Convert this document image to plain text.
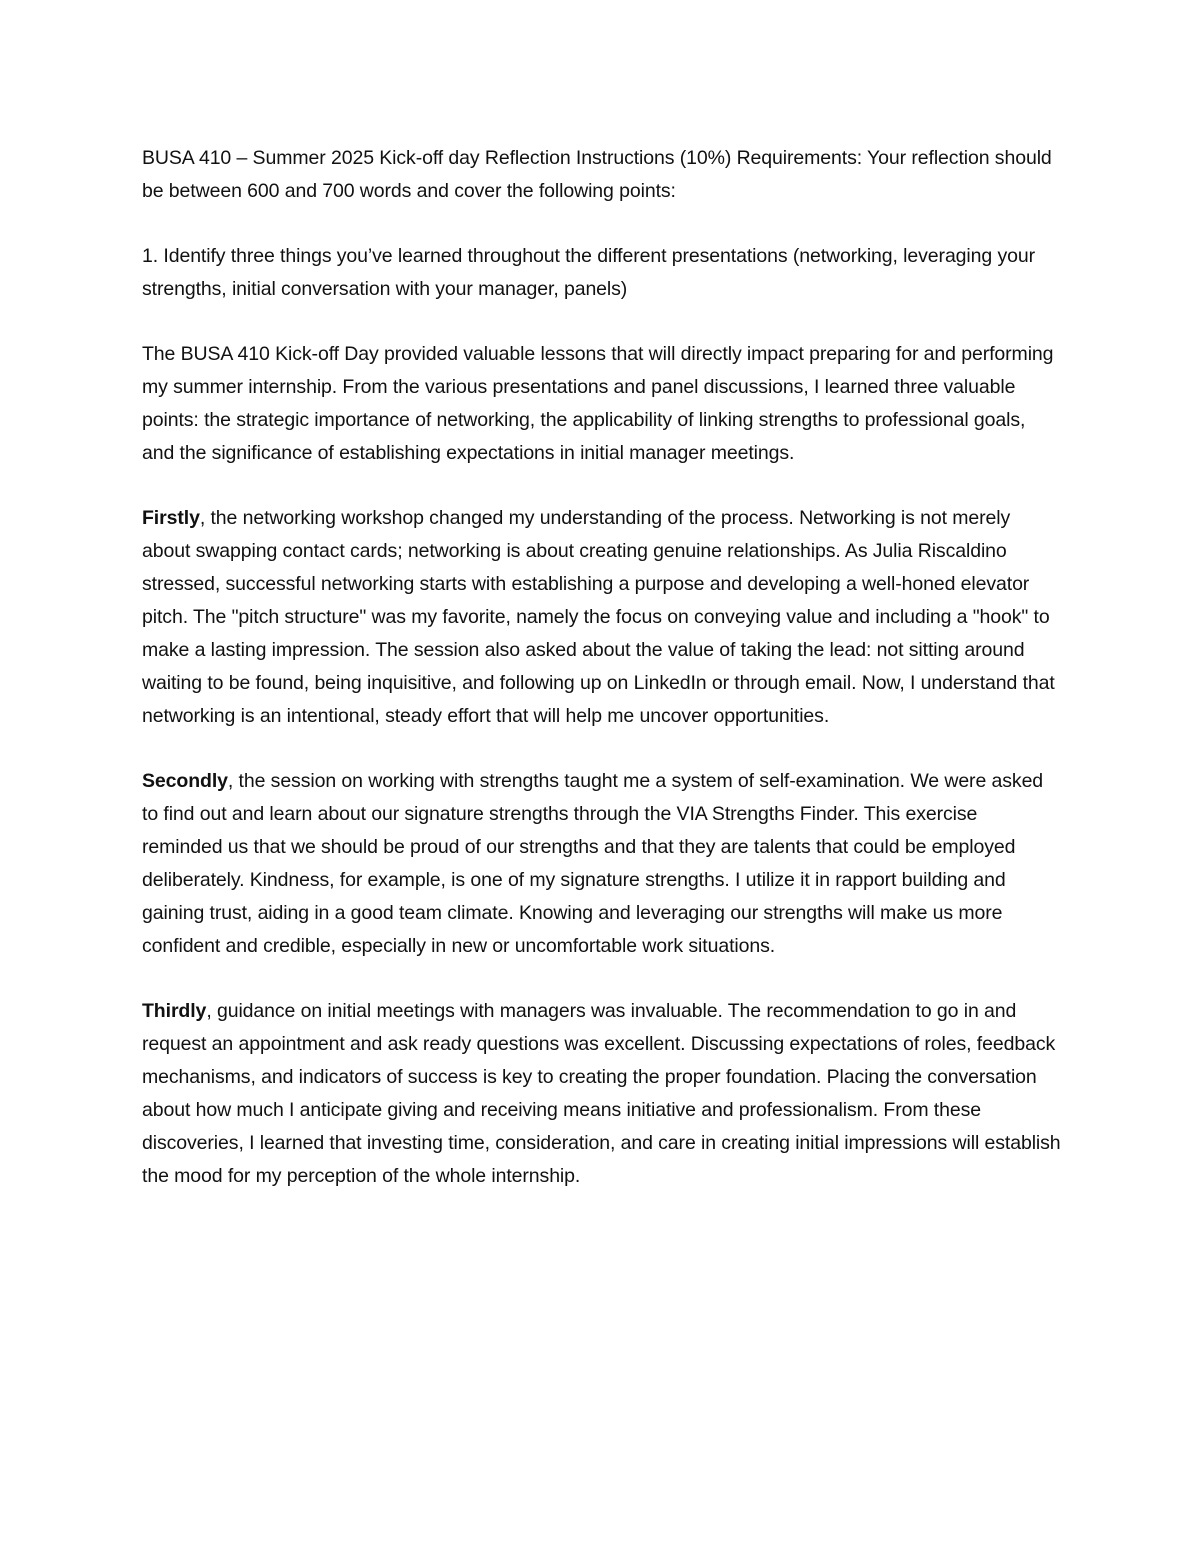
BUSA 410 – Summer 2025 Kick-off day Reflection Instructions (10%) Requirements: Your reflection should be between 600 and 700 words and cover the following points:

1. Identify three things you’ve learned throughout the different presentations (networking, leveraging your strengths, initial conversation with your manager, panels)

The BUSA 410 Kick-off Day provided valuable lessons that will directly impact preparing for and performing my summer internship. From the various presentations and panel discussions, I learned three valuable points: the strategic importance of networking, the applicability of linking strengths to professional goals, and the significance of establishing expectations in initial manager meetings.

Firstly, the networking workshop changed my understanding of the process. Networking is not merely about swapping contact cards; networking is about creating genuine relationships. As Julia Riscaldino stressed, successful networking starts with establishing a purpose and developing a well-honed elevator pitch. The "pitch structure" was my favorite, namely the focus on conveying value and including a "hook" to make a lasting impression. The session also asked about the value of taking the lead: not sitting around waiting to be found, being inquisitive, and following up on LinkedIn or through email. Now, I understand that networking is an intentional, steady effort that will help me uncover opportunities.

Secondly, the session on working with strengths taught me a system of self-examination. We were asked to find out and learn about our signature strengths through the VIA Strengths Finder. This exercise reminded us that we should be proud of our strengths and that they are talents that could be employed deliberately. Kindness, for example, is one of my signature strengths. I utilize it in rapport building and gaining trust, aiding in a good team climate. Knowing and leveraging our strengths will make us more confident and credible, especially in new or uncomfortable work situations.

Thirdly, guidance on initial meetings with managers was invaluable. The recommendation to go in and request an appointment and ask ready questions was excellent. Discussing expectations of roles, feedback mechanisms, and indicators of success is key to creating the proper foundation. Placing the conversation about how much I anticipate giving and receiving means initiative and professionalism. From these discoveries, I learned that investing time, consideration, and care in creating initial impressions will establish the mood for my perception of the whole internship.
